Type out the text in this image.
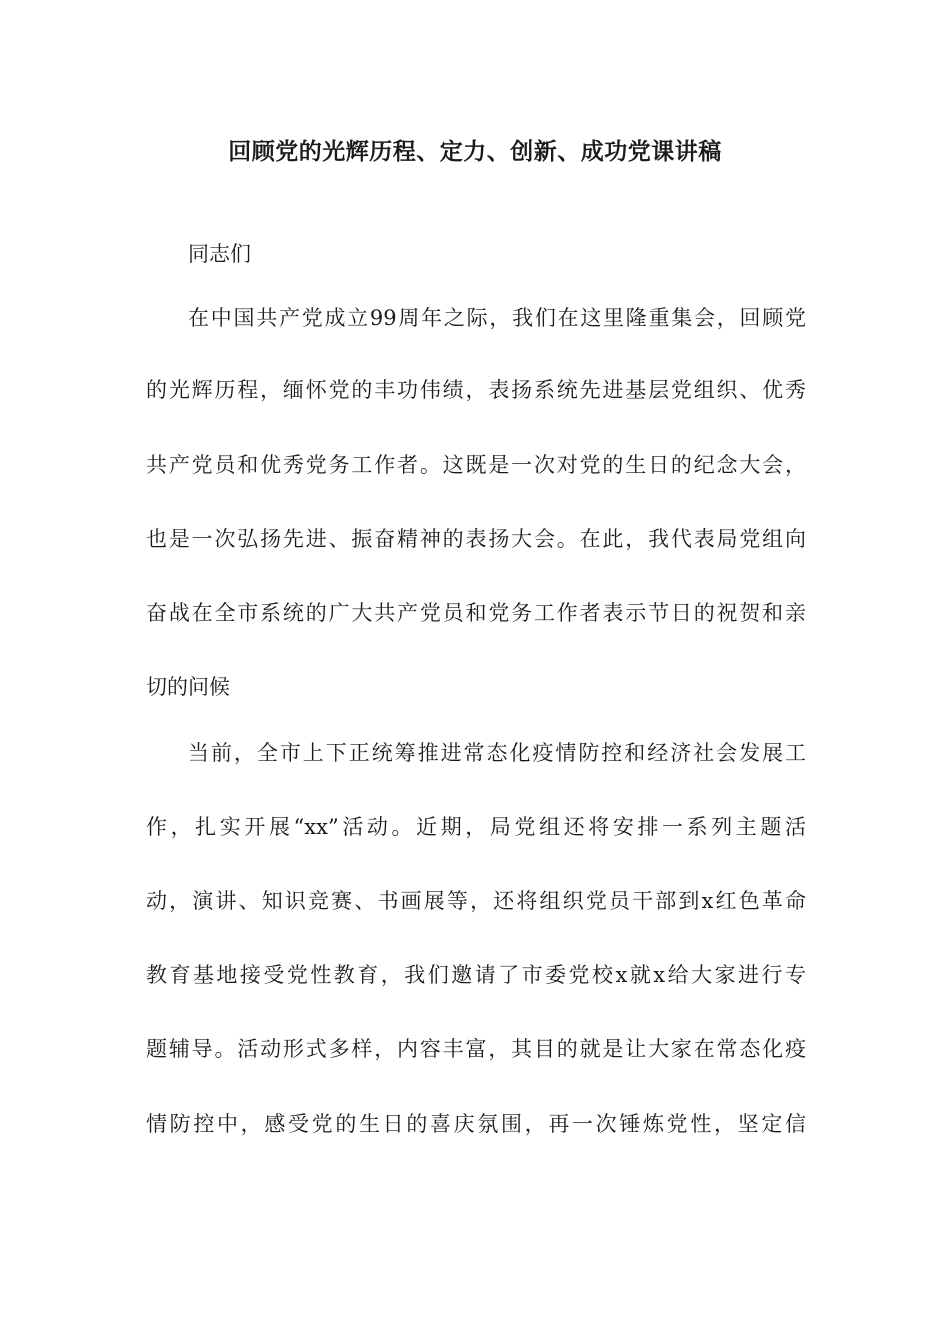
回顾党的光辉历程、定力、创新、成功党课讲稿
同志们
在中国共产党成立99周年之际，我们在这里隆重集会，回顾党
的光辉历程，缅怀党的丰功伟绩，表扬系统先进基层党组织、优秀
共产党员和优秀党务工作者。这既是一次对党的生日的纪念大会，
也是一次弘扬先进、振奋精神的表扬大会。在此，我代表局党组向
奋战在全市系统的广大共产党员和党务工作者表示节日的祝贺和亲
切的问候
当前，全市上下正统筹推进常态化疫情防控和经济社会发展工
作，扎实开展“xx”活动。近期，局党组还将安排一系列主题活
动，演讲、知识竞赛、书画展等，还将组织党员干部到x红色革命
教育基地接受党性教育，我们邀请了市委党校x就x给大家进行专
题辅导。活动形式多样，内容丰富，其目的就是让大家在常态化疫
情防控中，感受党的生日的喜庆氛围，再一次锤炼党性，坚定信
